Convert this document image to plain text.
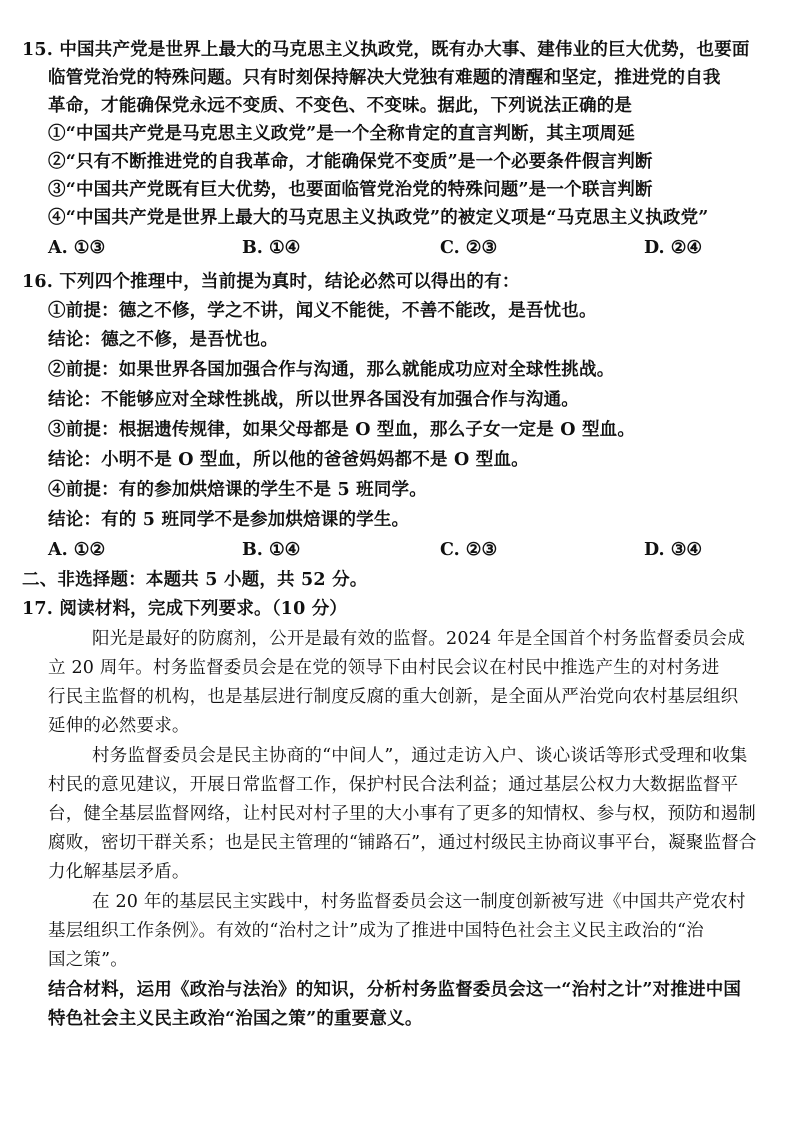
15. 中国共产党是世界上最大的马克思主义执政党，既有办大事、建伟业的巨大优势，也要面
临管党治党的特殊问题。只有时刻保持解决大党独有难题的清醒和坚定，推进党的自我
革命，才能确保党永远不变质、不变色、不变味。据此，下列说法正确的是
①“中国共产党是马克思主义政党”是一个全称肯定的直言判断，其主项周延
②“只有不断推进党的自我革命，才能确保党不变质”是一个必要条件假言判断
③“中国共产党既有巨大优势，也要面临管党治党的特殊问题”是一个联言判断
④“中国共产党是世界上最大的马克思主义执政党”的被定义项是“马克思主义执政党”
A. ①③	B. ①④	C. ②③	D. ②④
16. 下列四个推理中，当前提为真时，结论必然可以得出的有：
①前提：德之不修，学之不讲，闻义不能徙，不善不能改，是吾忧也。
结论：德之不修，是吾忧也。
②前提：如果世界各国加强合作与沟通，那么就能成功应对全球性挑战。
结论：不能够应对全球性挑战，所以世界各国没有加强合作与沟通。
③前提：根据遗传规律，如果父母都是 O 型血，那么子女一定是 O 型血。
结论：小明不是 O 型血，所以他的爸爸妈妈都不是 O 型血。
④前提：有的参加烘焙课的学生不是 5 班同学。
结论：有的 5 班同学不是参加烘焙课的学生。
A. ①②	B. ①④	C. ②③	D. ③④
二、非选择题：本题共 5 小题，共 52 分。
17. 阅读材料，完成下列要求。（10 分）
阳光是最好的防腐剂，公开是最有效的监督。2024 年是全国首个村务监督委员会成
立 20 周年。村务监督委员会是在党的领导下由村民会议在村民中推选产生的对村务进
行民主监督的机构，也是基层进行制度反腐的重大创新，是全面从严治党向农村基层组织
延伸的必然要求。
村务监督委员会是民主协商的“中间人”，通过走访入户、谈心谈话等形式受理和收集
村民的意见建议，开展日常监督工作，保护村民合法利益；通过基层公权力大数据监督平
台，健全基层监督网络，让村民对村子里的大小事有了更多的知情权、参与权，预防和遏制
腐败，密切干群关系；也是民主管理的“铺路石”，通过村级民主协商议事平台，凝聚监督合
力化解基层矛盾。
在 20 年的基层民主实践中，村务监督委员会这一制度创新被写进《中国共产党农村
基层组织工作条例》。有效的“治村之计”成为了推进中国特色社会主义民主政治的“治
国之策”。
结合材料，运用《政治与法治》的知识，分析村务监督委员会这一“治村之计”对推进中国
特色社会主义民主政治“治国之策”的重要意义。
